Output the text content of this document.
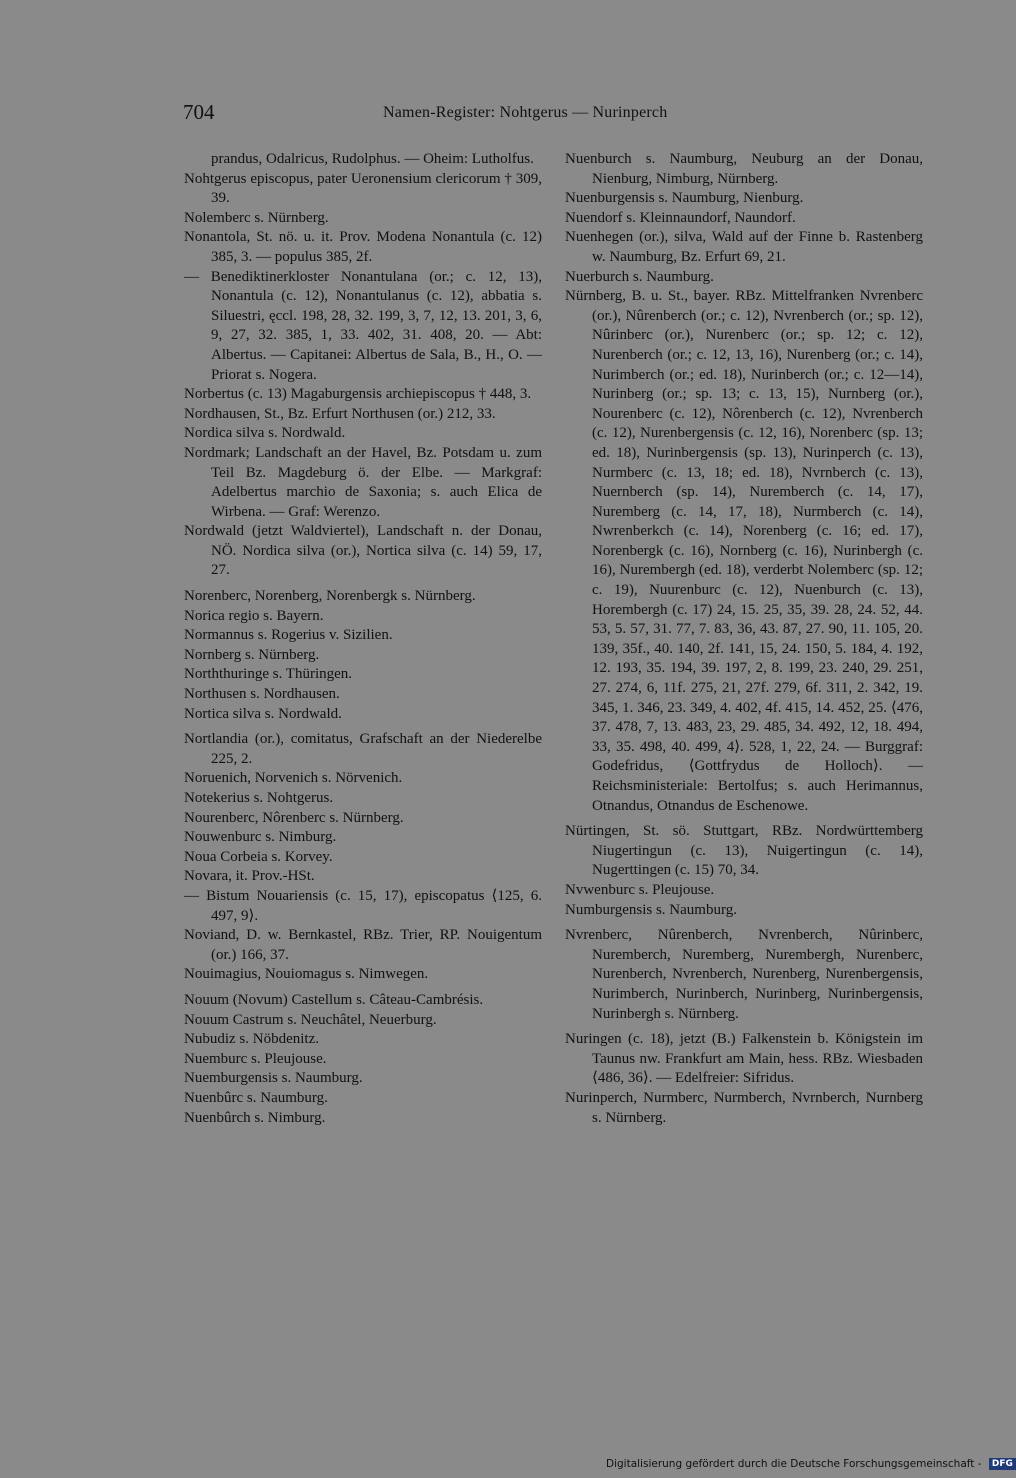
704	Namen-Register: Nohtgerus — Nurinperch
prandus, Odalricus, Rudolphus. — Oheim: Lutholfus.
Nohtgerus episcopus, pater Ueronensium clericorum † 309, 39.
Nolemberc s. Nürnberg.
Nonantola, St. nö. u. it. Prov. Modena Nonantula (c. 12) 385, 3. — populus 385, 2f.
— Benediktinerkloster Nonantulana (or.; c. 12, 13), Nonantula (c. 12), Nonantulanus (c. 12), abbatia s. Siluestri, ęccl. 198, 28, 32. 199, 3, 7, 12, 13. 201, 3, 6, 9, 27, 32. 385, 1, 33. 402, 31. 408, 20. — Abt: Albertus. — Capitanei: Albertus de Sala, B., H., O. — Priorat s. Nogera.
Norbertus (c. 13) Magaburgensis archiepiscopus † 448, 3.
Nordhausen, St., Bz. Erfurt Northusen (or.) 212, 33.
Nordica silva s. Nordwald.
Nordmark; Landschaft an der Havel, Bz. Potsdam u. zum Teil Bz. Magdeburg ö. der Elbe. — Markgraf: Adelbertus marchio de Saxonia; s. auch Elica de Wirbena. — Graf: Werenzo.
Nordwald (jetzt Waldviertel), Landschaft n. der Donau, NÖ. Nordica silva (or.), Nortica silva (c. 14) 59, 17, 27.
Norenberc, Norenberg, Norenbergk s. Nürnberg.
Norica regio s. Bayern.
Normannus s. Rogerius v. Sizilien.
Nornberg s. Nürnberg.
Norththuringe s. Thüringen.
Northusen s. Nordhausen.
Nortica silva s. Nordwald.
Nortlandia (or.), comitatus, Grafschaft an der Niederelbe 225, 2.
Noruenich, Norvenich s. Nörvenich.
Notekerius s. Nohtgerus.
Nourenberc, Nôrenberc s. Nürnberg.
Nouwenburc s. Nimburg.
Noua Corbeia s. Korvey.
Novara, it. Prov.-HSt.
— Bistum Nouariensis (c. 15, 17), episcopatus ⟨125, 6. 497, 9⟩.
Noviand, D. w. Bernkastel, RBz. Trier, RP. Nouigentum (or.) 166, 37.
Nouimagius, Nouiomagus s. Nimwegen.
Nouum (Novum) Castellum s. Câteau-Cambrésis.
Nouum Castrum s. Neuchâtel, Neuerburg.
Nubudiz s. Nöbdenitz.
Nuemburc s. Pleujouse.
Nuemburgensis s. Naumburg.
Nuenbûrc s. Naumburg.
Nuenbûrch s. Nimburg.
Nuenburch s. Naumburg, Neuburg an der Donau, Nienburg, Nimburg, Nürnberg.
Nuenburgensis s. Naumburg, Nienburg.
Nuendorf s. Kleinnaundorf, Naundorf.
Nuenhegen (or.), silva, Wald auf der Finne b. Rastenberg w. Naumburg, Bz. Erfurt 69, 21.
Nuerburch s. Naumburg.
Nürnberg, B. u. St., bayer. RBz. Mittelfranken Nvrenberc (or.), Nûrenberch (or.; c. 12), Nvrenberch (or.; sp. 12), Nûrinberc (or.), Nurenberc (or.; sp. 12; c. 12), Nurenberch (or.; c. 12, 13, 16), Nurenberg (or.; c. 14), Nurimberch (or.; ed. 18), Nurinberch (or.; c. 12—14), Nurinberg (or.; sp. 13; c. 13, 15), Nurnberg (or.), Nourenberc (c. 12), Nôrenberch (c. 12), Nvrenberch (c. 12), Nurenbergensis (c. 12, 16), Norenberc (sp. 13; ed. 18), Nurinbergensis (sp. 13), Nurinperch (c. 13), Nurmberc (c. 13, 18; ed. 18), Nvrnberch (c. 13), Nuernberch (sp. 14), Nuremberch (c. 14, 17), Nuremberg (c. 14, 17, 18), Nurmberch (c. 14), Nwrenberkch (c. 14), Norenberg (c. 16; ed. 17), Norenbergk (c. 16), Nornberg (c. 16), Nurinbergh (c. 16), Nurembergh (ed. 18), verderbt Nolemberc (sp. 12; c. 19), Nuurenburc (c. 12), Nuenburch (c. 13), Horembergh (c. 17) 24, 15. 25, 35, 39. 28, 24. 52, 44. 53, 5. 57, 31. 77, 7. 83, 36, 43. 87, 27. 90, 11. 105, 20. 139, 35f., 40. 140, 2f. 141, 15, 24. 150, 5. 184, 4. 192, 12. 193, 35. 194, 39. 197, 2, 8. 199, 23. 240, 29. 251, 27. 274, 6, 11f. 275, 21, 27f. 279, 6f. 311, 2. 342, 19. 345, 1. 346, 23. 349, 4. 402, 4f. 415, 14. 452, 25. ⟨476, 37. 478, 7, 13. 483, 23, 29. 485, 34. 492, 12, 18. 494, 33, 35. 498, 40. 499, 4⟩. 528, 1, 22, 24. — Burggraf: Godefridus, ⟨Gottfrydus de Holloch⟩. — Reichsministeriale: Bertolfus; s. auch Herimannus, Otnandus, Otnandus de Eschenowe.
Nürtingen, St. sö. Stuttgart, RBz. Nordwürttemberg Niugertingun (c. 13), Nuigertingun (c. 14), Nugerttingen (c. 15) 70, 34.
Nvwenburc s. Pleujouse.
Numburgensis s. Naumburg.
Nvrenberc, Nûrenberch, Nvrenberch, Nûrinberc, Nuremberch, Nuremberg, Nurembergh, Nurenberc, Nurenberch, Nvrenberch, Nurenberg, Nurenbergensis, Nurimberch, Nurinberch, Nurinberg, Nurinbergensis, Nurinbergh s. Nürnberg.
Nuringen (c. 18), jetzt (B.) Falkenstein b. Königstein im Taunus nw. Frankfurt am Main, hess. RBz. Wiesbaden ⟨486, 36⟩. — Edelfreier: Sifridus.
Nurinperch, Nurmberc, Nurmberch, Nvrnberch, Nurnberg s. Nürnberg.
Digitalisierung gefördert durch die Deutsche Forschungsgemeinschaft - DFG
